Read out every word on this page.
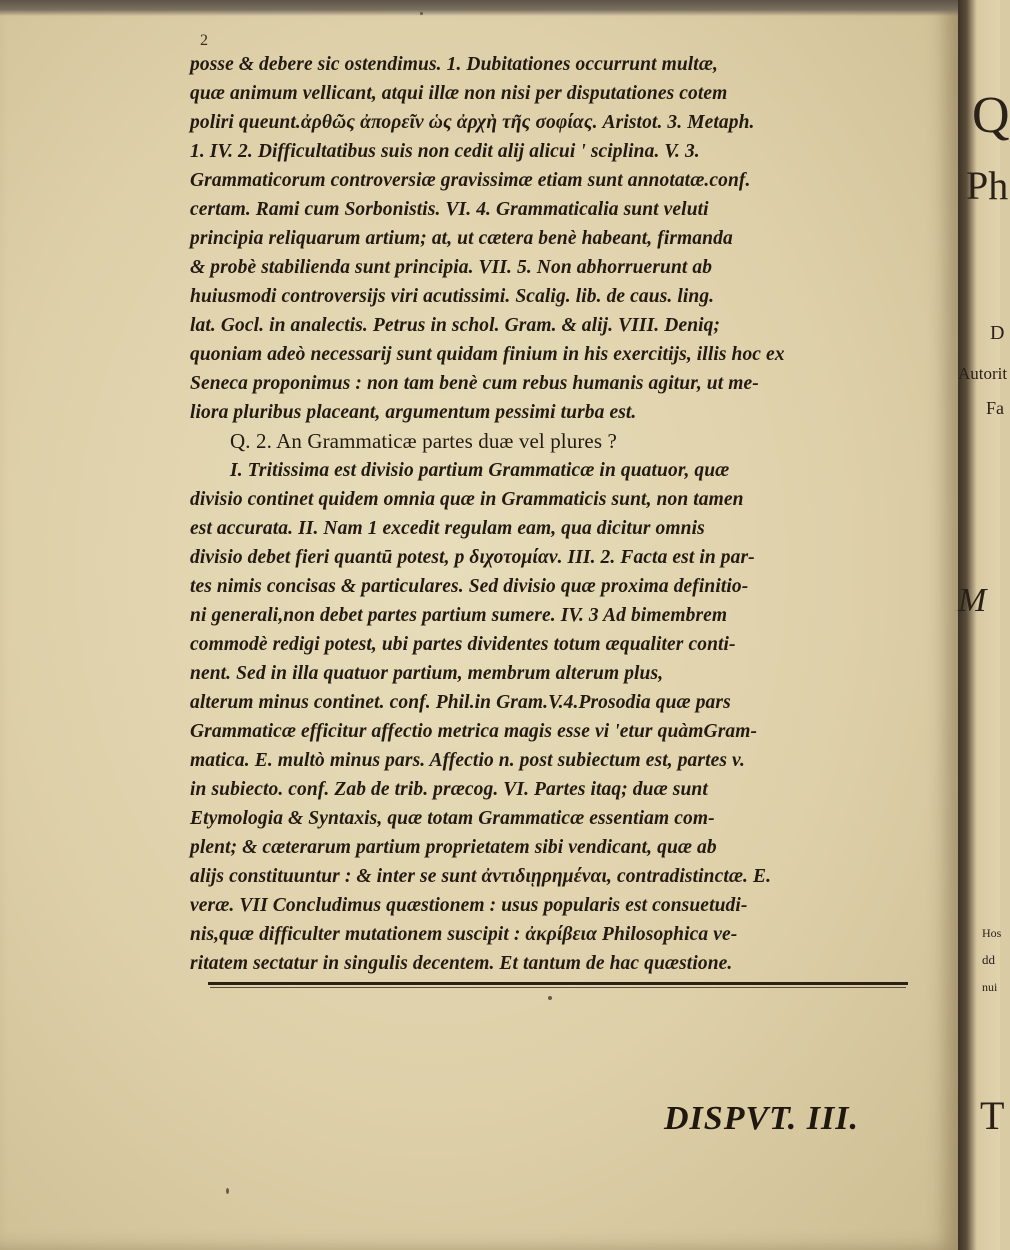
2
posse & debere sic ostendimus. 1. Dubitationes occurrunt multæ,
quæ animum vellicant, atqui illæ non nisi per disputationes cotem
poliri queunt.ἀρθῶς ἀπορεῖν ὡς ἀρχὴ τῆς σοφίας. Aristot. 3. Metaph.
1. IV. 2. Difficultatibus suis non cedit alij alicui ' sciplina. V. 3.
Grammaticorum controversiæ gravissimæ etiam sunt annotatæ.conf.
certam. Rami cum Sorbonistis. VI. 4. Grammaticalia sunt veluti
principia reliquarum artium; at, ut cætera benè habeant, firmanda
& probè stabilienda sunt principia. VII. 5. Non abhorruerunt ab
huiusmodi controversijs viri acutissimi. Scalig. lib. de caus. ling.
lat. Gocl. in analectis. Petrus in schol. Gram. & alij. VIII. Deniq;
quoniam adeò necessarij sunt quidam finium in his exercitijs, illis hoc ex
Seneca proponimus : non tam benè cum rebus humanis agitur, ut me-
liora pluribus placeant, argumentum pessimi turba est.
Q. 2. An Grammaticæ partes duæ vel plures ?
I. Tritissima est divisio partium Grammaticæ in quatuor, quæ
divisio continet quidem omnia quæ in Grammaticis sunt, non tamen
est accurata. II. Nam 1 excedit regulam eam, qua dicitur omnis
divisio debet fieri quantū potest, p διχοτομίαν. III. 2. Facta est in par-
tes nimis concisas & particulares. Sed divisio quæ proxima definitio-
ni generali,non debet partes partium sumere. IV. 3 Ad bimembrem
commodè redigi potest, ubi partes dividentes totum æqualiter conti-
nent. Sed in illa quatuor partium, membrum alterum plus,
alterum minus continet. conf. Phil.in Gram.V.4.Prosodia quæ pars
Grammaticæ efficitur affectio metrica magis esse vi 'etur quàmGram-
matica. E. multò minus pars. Affectio n. post subiectum est, partes v.
in subiecto. conf. Zab de trib. præcog. VI. Partes itaq; duæ sunt
Etymologia & Syntaxis, quæ totam Grammaticæ essentiam com-
plent; & cæterarum partium proprietatem sibi vendicant, quæ ab
alijs constituuntur : & inter se sunt ἀντιδιῃρημέναι, contradistinctæ. E.
veræ. VII Concludimus quæstionem : usus popularis est consuetudi-
nis,quæ difficulter mutationem suscipit : ἀκρίβεια Philosophica ve-
ritatem sectatur in singulis decentem. Et tantum de hac quæstione.
DISPVT. III.
Q
Ph
D
Autorit
Fa
M
Hos
dd
nui
T
